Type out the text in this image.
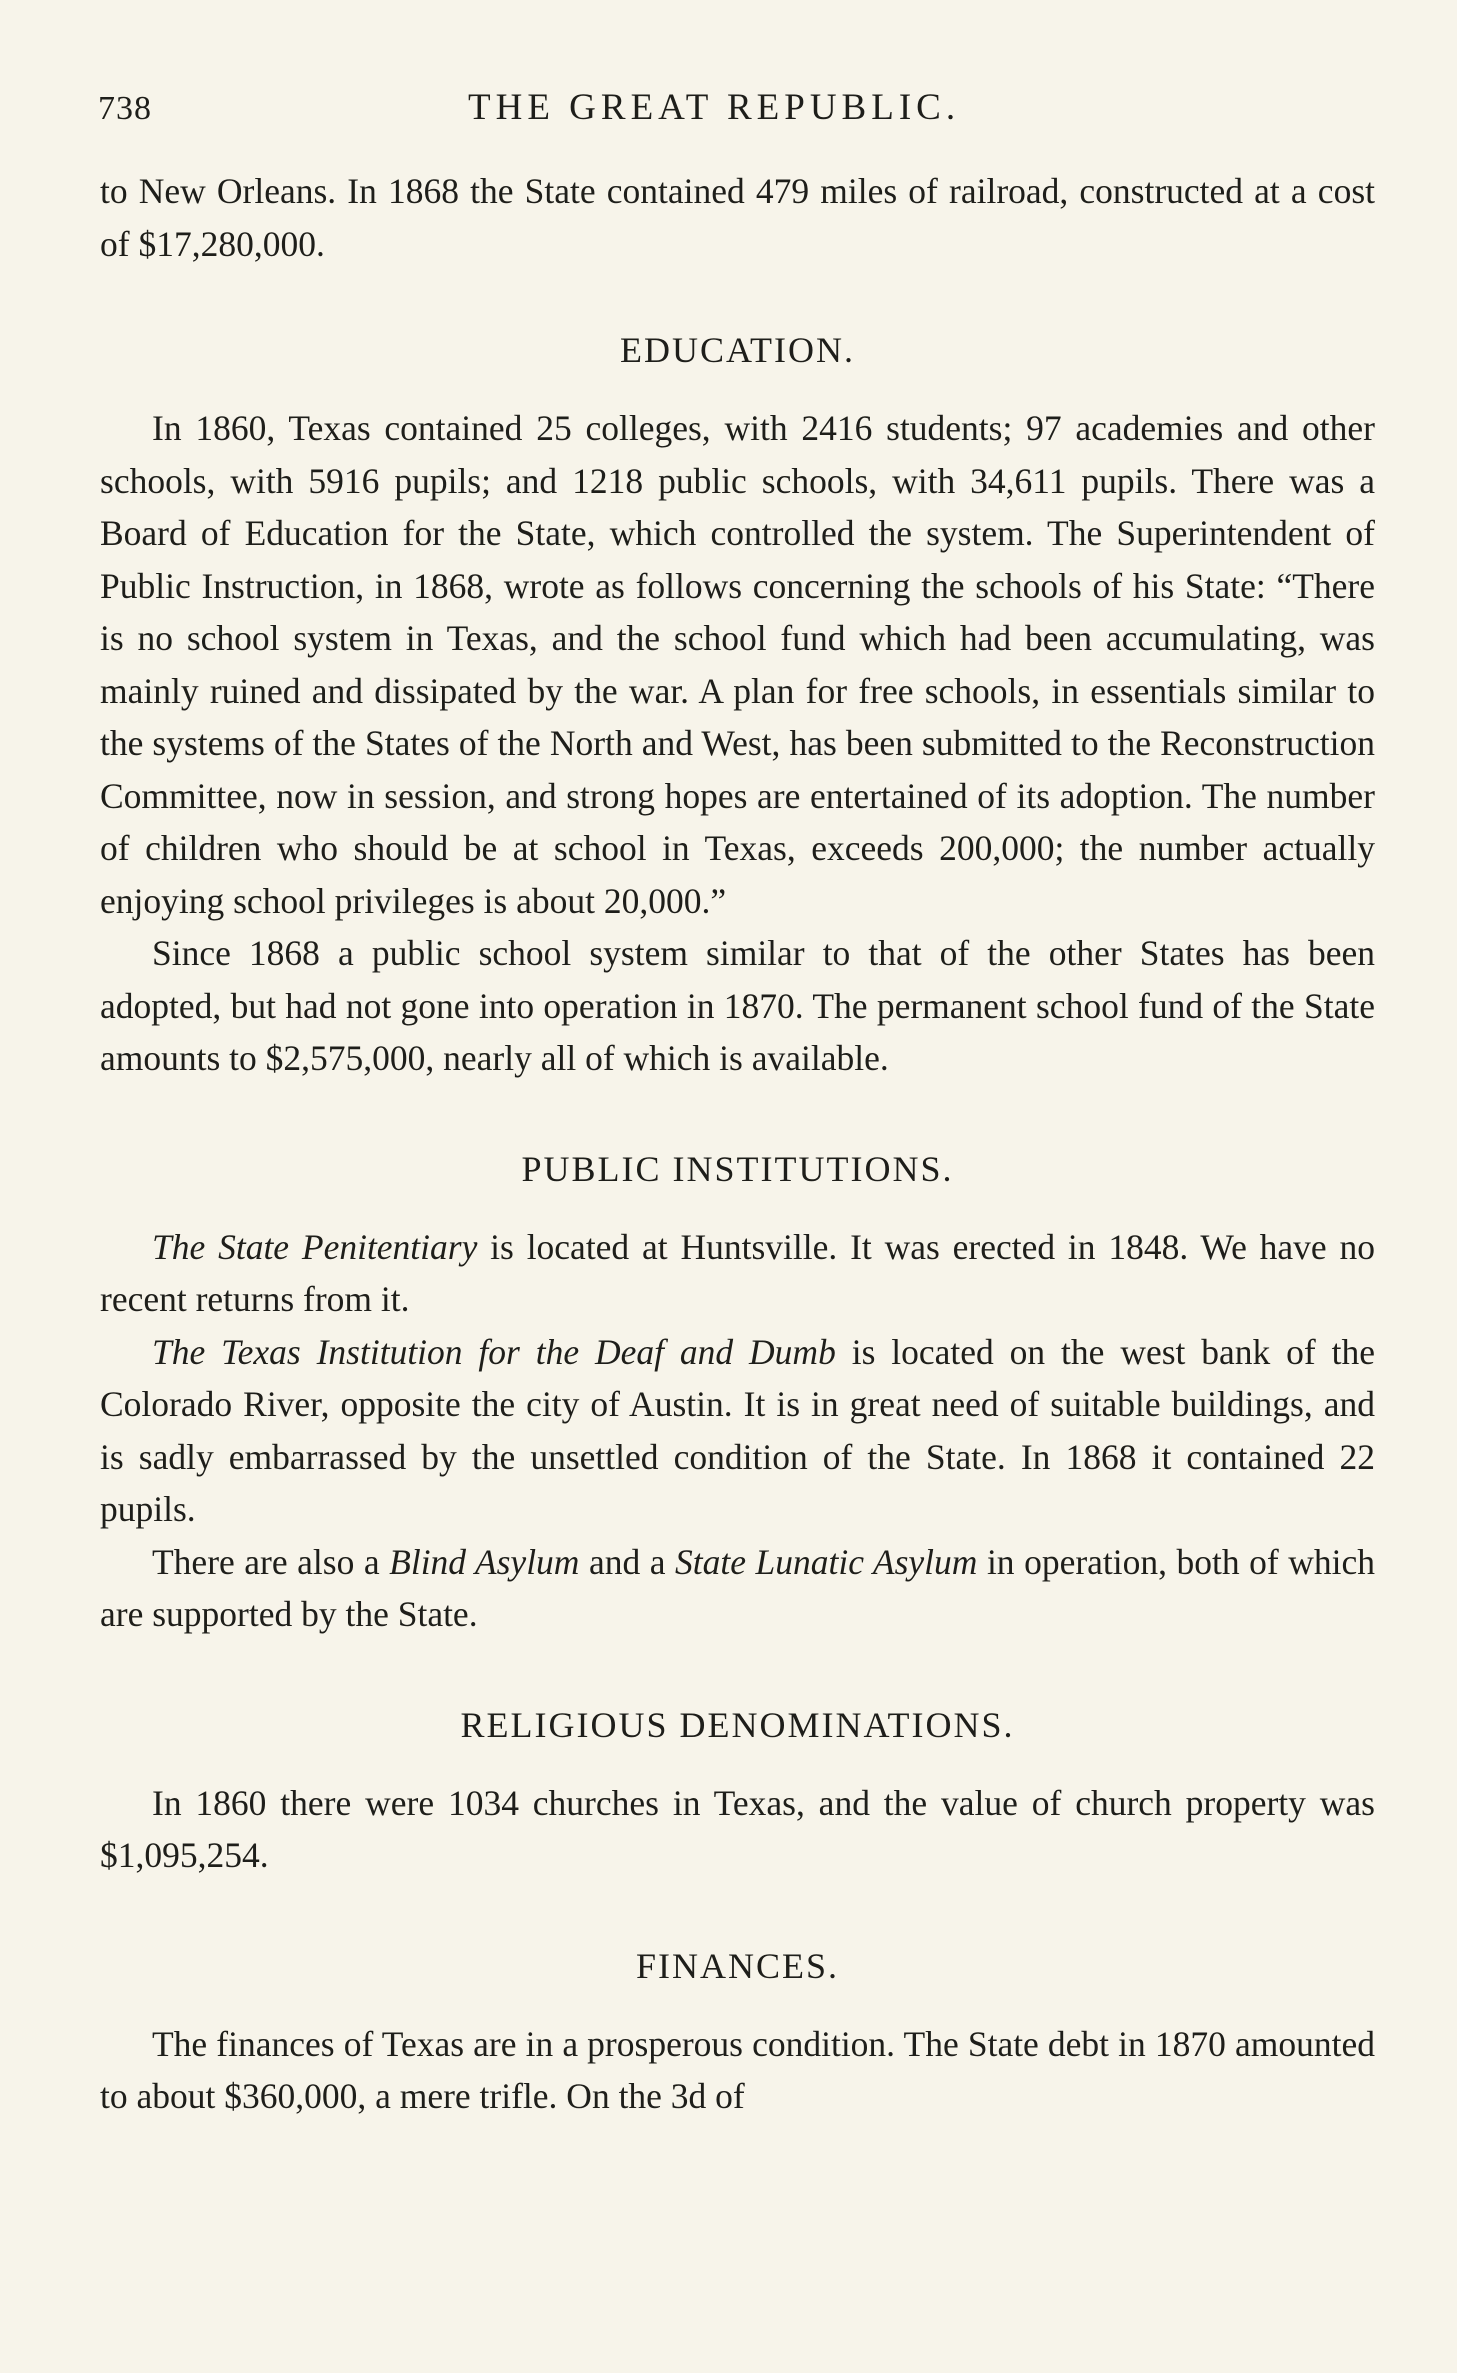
738	THE GREAT REPUBLIC.

to New Orleans. In 1868 the State contained 479 miles of railroad, constructed at a cost of $17,280,000.

EDUCATION.

In 1860, Texas contained 25 colleges, with 2416 students; 97 academies and other schools, with 5916 pupils; and 1218 public schools, with 34,611 pupils. There was a Board of Education for the State, which controlled the system. The Superintendent of Public Instruction, in 1868, wrote as follows concerning the schools of his State: “There is no school system in Texas, and the school fund which had been accumulating, was mainly ruined and dissipated by the war. A plan for free schools, in essentials similar to the systems of the States of the North and West, has been submitted to the Reconstruction Committee, now in session, and strong hopes are entertained of its adoption. The number of children who should be at school in Texas, exceeds 200,000; the number actually enjoying school privileges is about 20,000.”

Since 1868 a public school system similar to that of the other States has been adopted, but had not gone into operation in 1870. The permanent school fund of the State amounts to $2,575,000, nearly all of which is available.

PUBLIC INSTITUTIONS.

The State Penitentiary is located at Huntsville. It was erected in 1848. We have no recent returns from it.

The Texas Institution for the Deaf and Dumb is located on the west bank of the Colorado River, opposite the city of Austin. It is in great need of suitable buildings, and is sadly embarrassed by the unsettled condition of the State. In 1868 it contained 22 pupils.

There are also a Blind Asylum and a State Lunatic Asylum in operation, both of which are supported by the State.

RELIGIOUS DENOMINATIONS.

In 1860 there were 1034 churches in Texas, and the value of church property was $1,095,254.

FINANCES.

The finances of Texas are in a prosperous condition. The State debt in 1870 amounted to about $360,000, a mere trifle. On the 3d of
